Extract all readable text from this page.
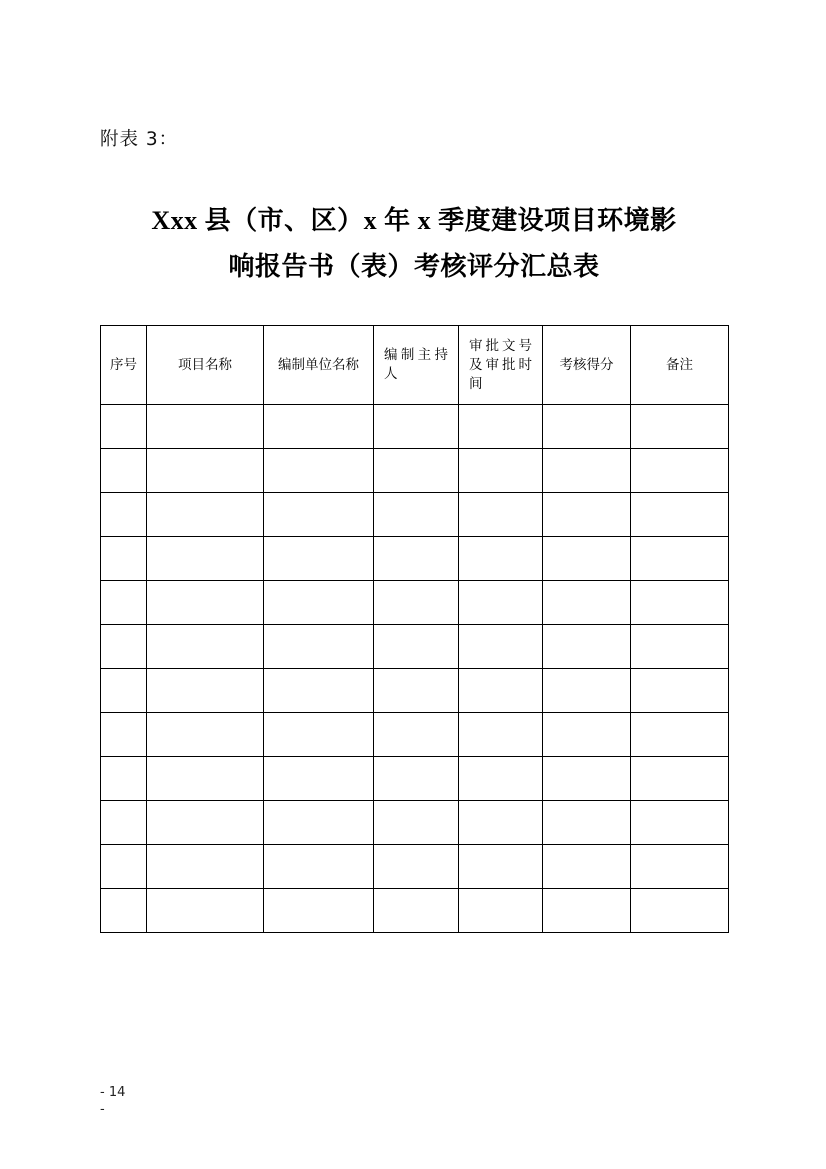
附表 3：
Xxx 县（市、区）x 年 x 季度建设项目环境影
响报告书（表）考核评分汇总表
序号	项目名称	编制单位名称	编制主持人	审批文号及审批时间	考核得分	备注

- 14
-
